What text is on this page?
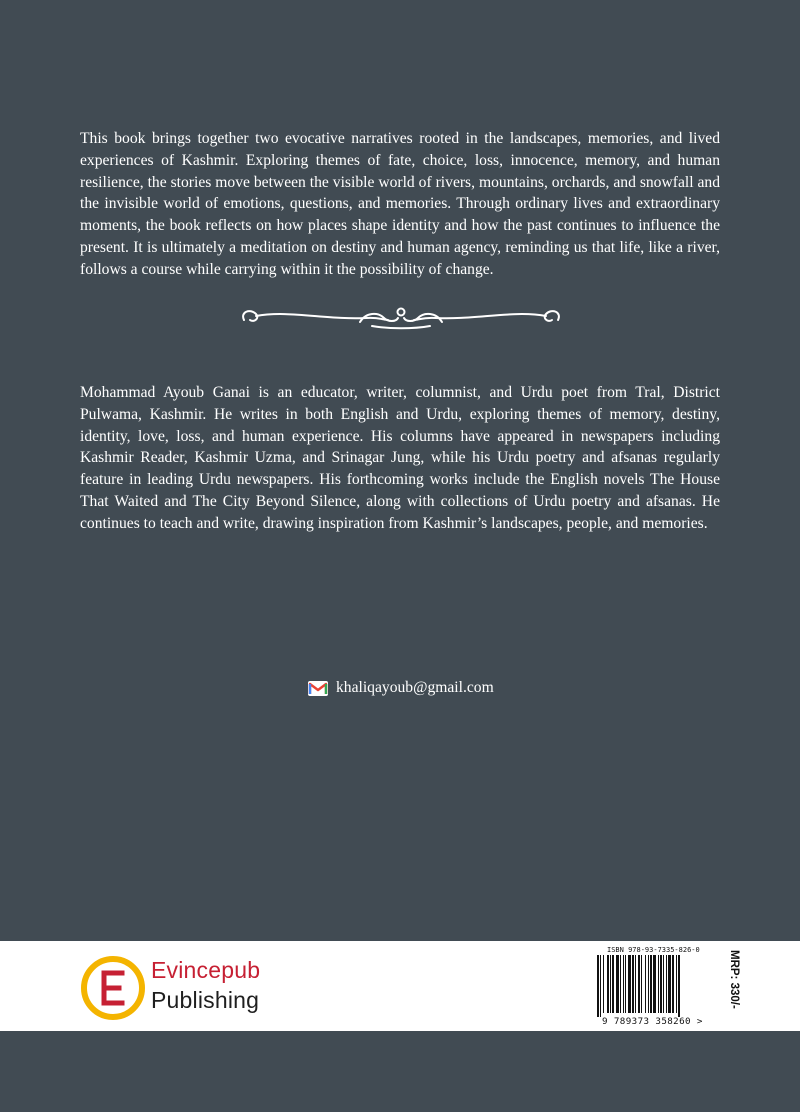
This book brings together two evocative narratives rooted in the landscapes, memories, and lived experiences of Kashmir. Exploring themes of fate, choice, loss, innocence, memory, and human resilience, the stories move between the visible world of rivers, mountains, orchards, and snowfall and the invisible world of emotions, questions, and memories. Through ordinary lives and extraordinary moments, the book reflects on how places shape identity and how the past continues to influence the present. It is ultimately a meditation on destiny and human agency, reminding us that life, like a river, follows a course while carrying within it the possibility of change.

Mohammad Ayoub Ganai is an educator, writer, columnist, and Urdu poet from Tral, District Pulwama, Kashmir. He writes in both English and Urdu, exploring themes of memory, destiny, identity, love, loss, and human experience. His columns have appeared in newspapers including Kashmir Reader, Kashmir Uzma, and Srinagar Jung, while his Urdu poetry and afsanas regularly feature in leading Urdu newspapers. His forthcoming works include the English novels The House That Waited and The City Beyond Silence, along with collections of Urdu poetry and afsanas. He continues to teach and write, drawing inspiration from Kashmir’s landscapes, people, and memories.

khaliqayoub@gmail.com
Evincepub
Publishing
ISBN 978-93-7335-826-0
9 789373 358260 >
MRP: 330/-
